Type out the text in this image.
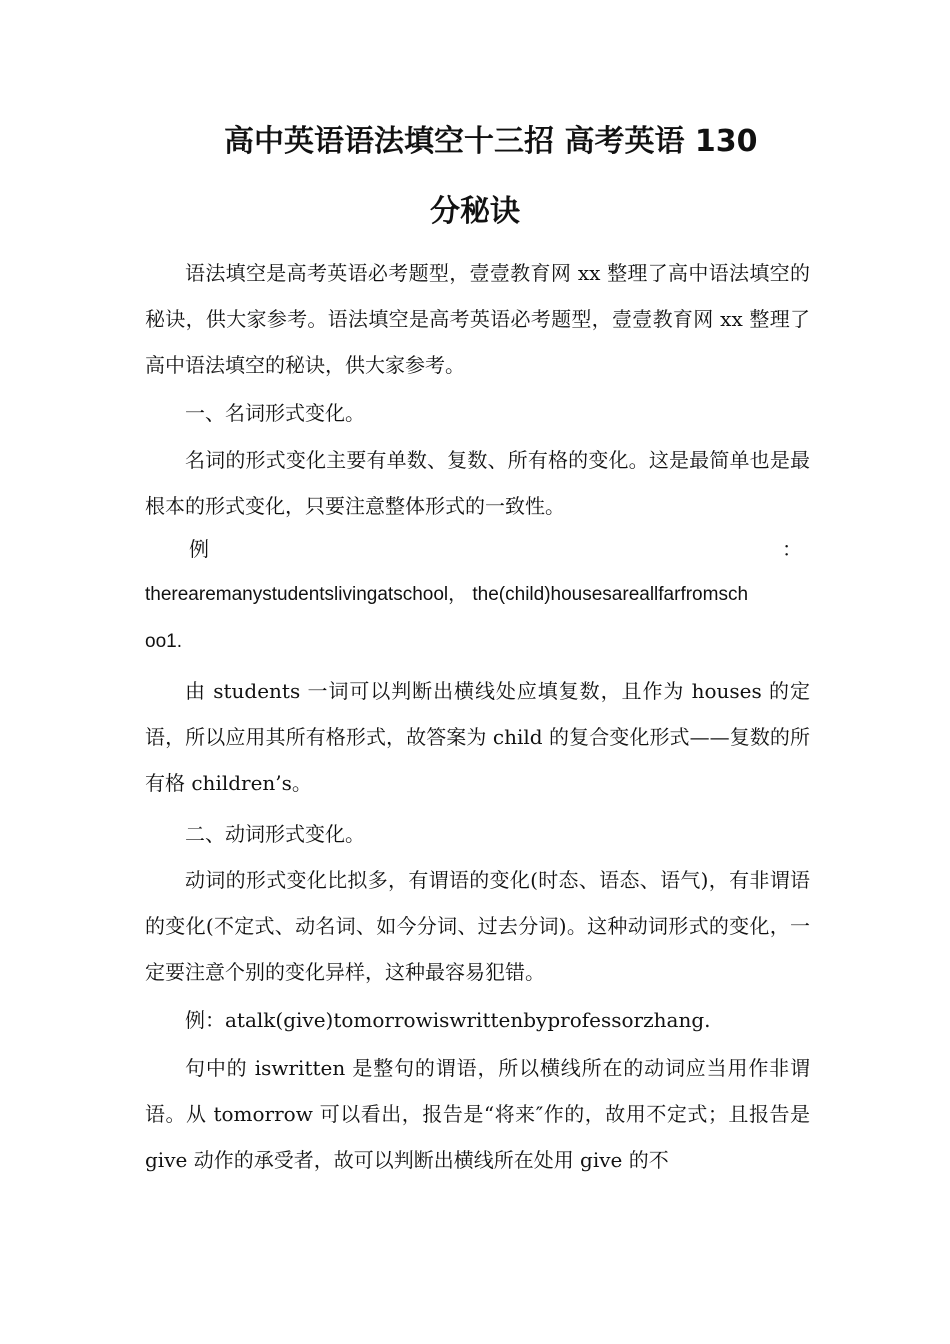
高中英语语法填空十三招 高考英语 130
分秘诀

语法填空是高考英语必考题型，壹壹教育网 xx 整理了高中语法填空的秘诀，供大家参考。语法填空是高考英语必考题型，壹壹教育网 xx 整理了高中语法填空的秘诀，供大家参考。

一、名词形式变化。

名词的形式变化主要有单数、复数、所有格的变化。这是最简单也是最根本的形式变化，只要注意整体形式的一致性。

例	：
therearemanystudentslivingatschool， the(child)housesareallfarfromsch
oo1.

由 students 一词可以判断出横线处应填复数，且作为 houses 的定语，所以应用其所有格形式，故答案为 child 的复合变化形式——复数的所有格 children’s。

二、动词形式变化。

动词的形式变化比拟多，有谓语的变化(时态、语态、语气)，有非谓语的变化(不定式、动名词、如今分词、过去分词)。这种动词形式的变化，一定要注意个别的变化异样，这种最容易犯错。

例：atalk(give)tomorrowiswrittenbyprofessorzhang.

句中的 iswritten 是整句的谓语，所以横线所在的动词应当用作非谓语。从 tomorrow 可以看出，报告是“将来″作的，故用不定式；且报告是 give 动作的承受者，故可以判断出横线所在处用 give 的不
